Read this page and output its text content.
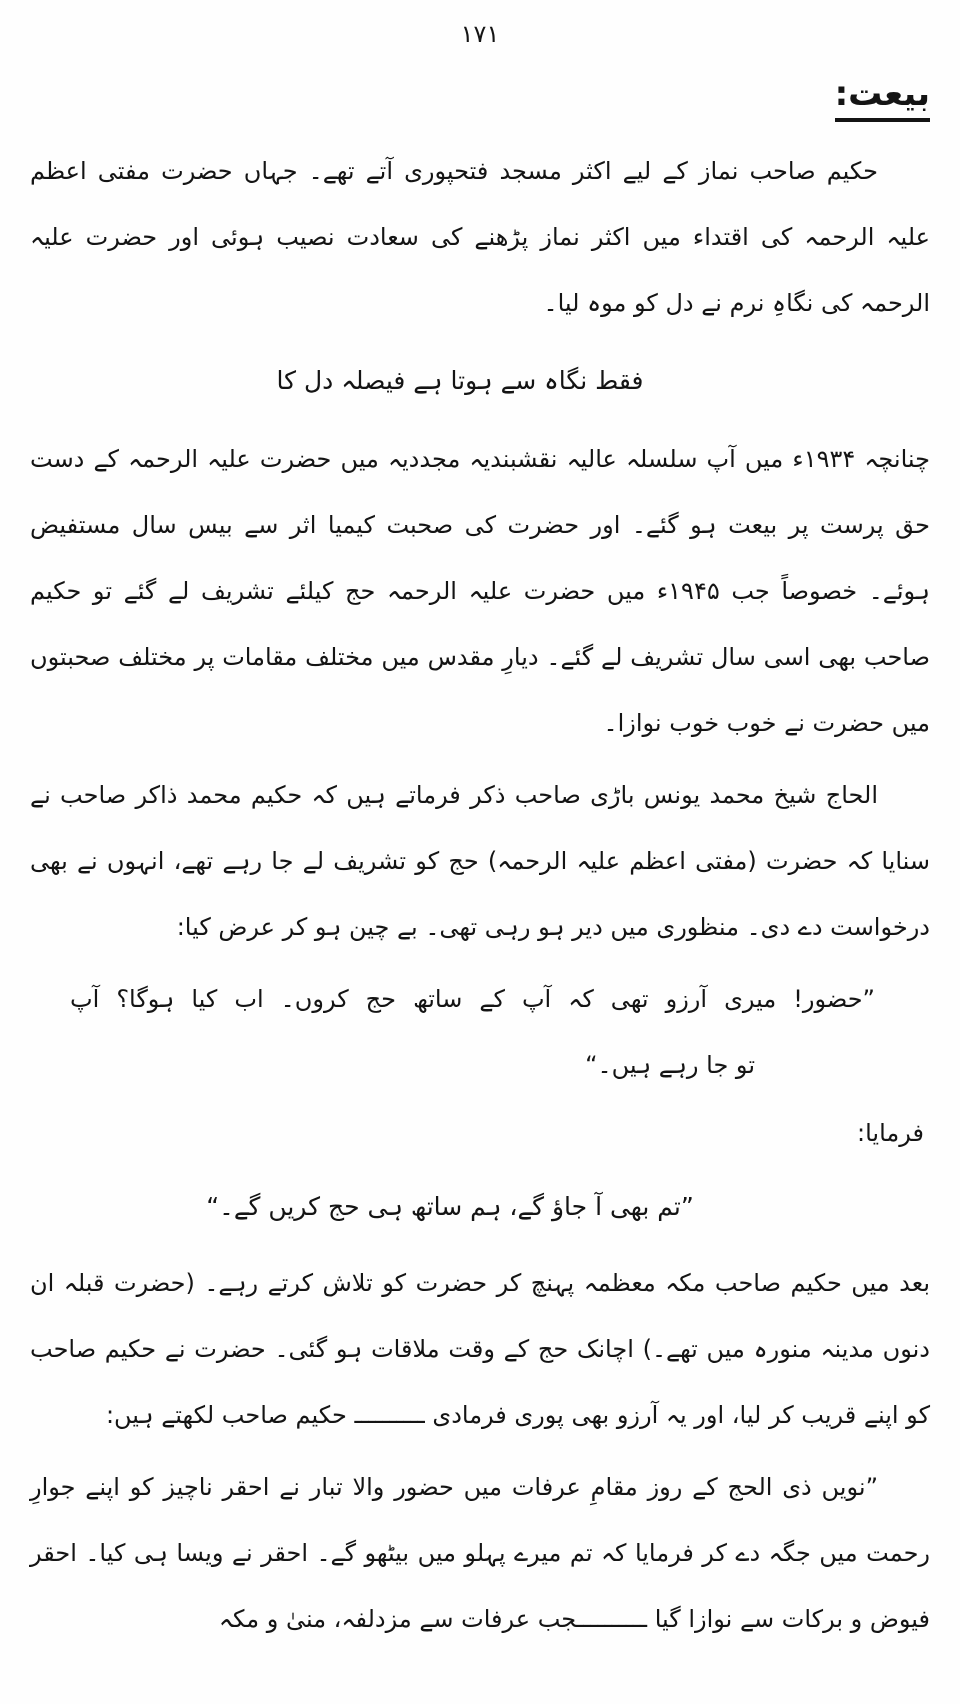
۱۷۱
بیعت:

حکیم صاحب نماز کے لیے اکثر مسجد فتحپوری آتے تھے۔ جہاں حضرت مفتی اعظم علیہ الرحمہ کی اقتداء میں اکثر نماز پڑھنے کی سعادت نصیب ہوئی اور حضرت علیہ الرحمہ کی نگاہِ نرم نے دل کو موہ لیا۔

فقط نگاہ سے ہوتا ہے فیصلہ دل کا

چنانچہ ۱۹۳۴ء میں آپ سلسلہ عالیہ نقشبندیہ مجددیہ میں حضرت علیہ الرحمہ کے دست حق پرست پر بیعت ہو گئے۔ اور حضرت کی صحبت کیمیا اثر سے بیس سال مستفیض ہوئے۔ خصوصاً جب ۱۹۴۵ء میں حضرت علیہ الرحمہ حج کیلئے تشریف لے گئے تو حکیم صاحب بھی اسی سال تشریف لے گئے۔ دیارِ مقدس میں مختلف مقامات پر مختلف صحبتوں میں حضرت نے خوب خوب نوازا۔

الحاج شیخ محمد یونس باڑی صاحب ذکر فرماتے ہیں کہ حکیم محمد ذاکر صاحب نے سنایا کہ حضرت (مفتی اعظم علیہ الرحمہ) حج کو تشریف لے جا رہے تھے، انہوں نے بھی درخواست دے دی۔ منظوری میں دیر ہو رہی تھی۔ بے چین ہو کر عرض کیا:

”حضور! میری آرزو تھی کہ آپ کے ساتھ حج کروں۔ اب کیا ہوگا؟ آپ
تو جا رہے ہیں۔“
فرمایا:
”تم بھی آ جاؤ گے، ہم ساتھ ہی حج کریں گے۔“

بعد میں حکیم صاحب مکہ معظمہ پہنچ کر حضرت کو تلاش کرتے رہے۔ (حضرت قبلہ ان دنوں مدینہ منورہ میں تھے۔) اچانک حج کے وقت ملاقات ہو گئی۔ حضرت نے حکیم صاحب کو اپنے قریب کر لیا، اور یہ آرزو بھی پوری فرمادی ــــــــــ حکیم صاحب لکھتے ہیں:

”نویں ذی الحج کے روز مقامِ عرفات میں حضور والا تبار نے احقر ناچیز کو اپنے جوارِ رحمت میں جگہ دے کر فرمایا کہ تم میرے پہلو میں بیٹھو گے۔ احقر نے ویسا ہی کیا۔ احقر فیوض و برکات سے نوازا گیا ــــــــــجب عرفات سے مزدلفہ، منیٰ و مکہ
